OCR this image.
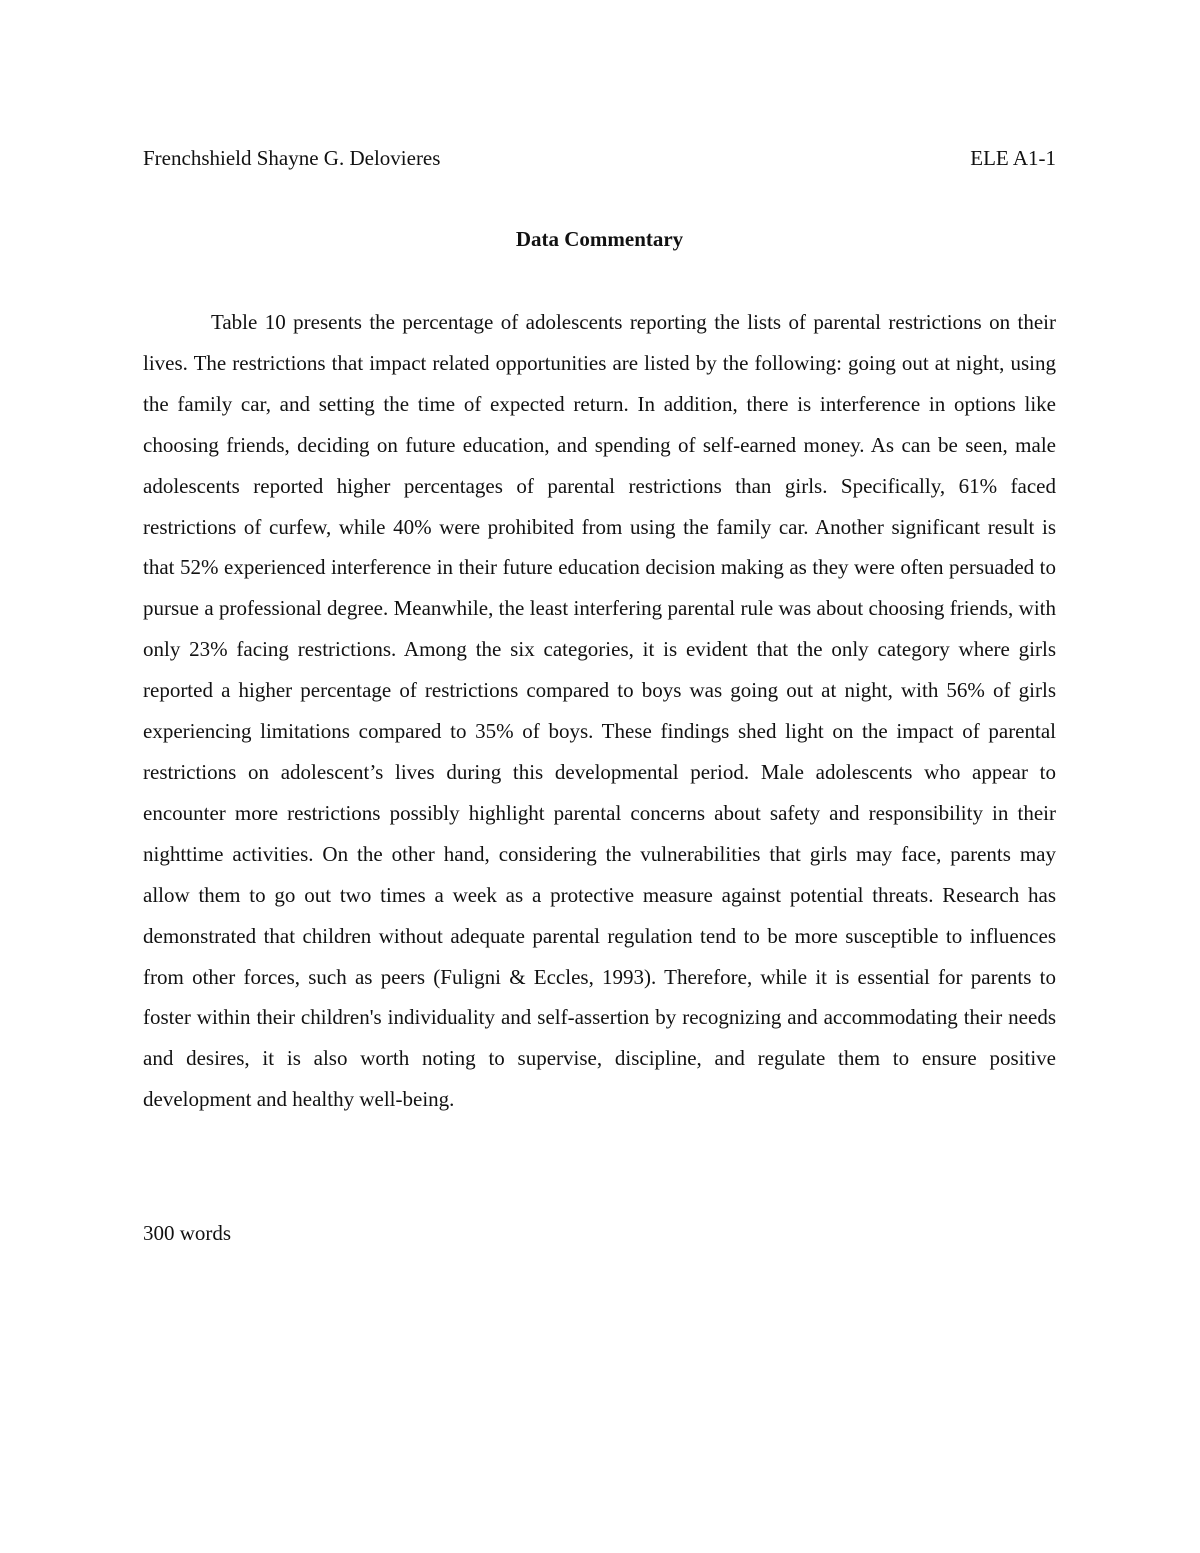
Frenchshield Shayne G. Delovieres	ELE A1-1
Data Commentary

Table 10 presents the percentage of adolescents reporting the lists of parental restrictions on their lives. The restrictions that impact related opportunities are listed by the following: going out at night, using the family car, and setting the time of expected return. In addition, there is interference in options like choosing friends, deciding on future education, and spending of self-earned money. As can be seen, male adolescents reported higher percentages of parental restrictions than girls. Specifically, 61% faced restrictions of curfew, while 40% were prohibited from using the family car. Another significant result is that 52% experienced interference in their future education decision making as they were often persuaded to pursue a professional degree. Meanwhile, the least interfering parental rule was about choosing friends, with only 23% facing restrictions. Among the six categories, it is evident that the only category where girls reported a higher percentage of restrictions compared to boys was going out at night, with 56% of girls experiencing limitations compared to 35% of boys. These findings shed light on the impact of parental restrictions on adolescent’s lives during this developmental period. Male adolescents who appear to encounter more restrictions possibly highlight parental concerns about safety and responsibility in their nighttime activities. On the other hand, considering the vulnerabilities that girls may face, parents may allow them to go out two times a week as a protective measure against potential threats. Research has demonstrated that children without adequate parental regulation tend to be more susceptible to influences from other forces, such as peers (Fuligni & Eccles, 1993). Therefore, while it is essential for parents to foster within their children's individuality and self-assertion by recognizing and accommodating their needs and desires, it is also worth noting to supervise, discipline, and regulate them to ensure positive development and healthy well-being.

300 words
